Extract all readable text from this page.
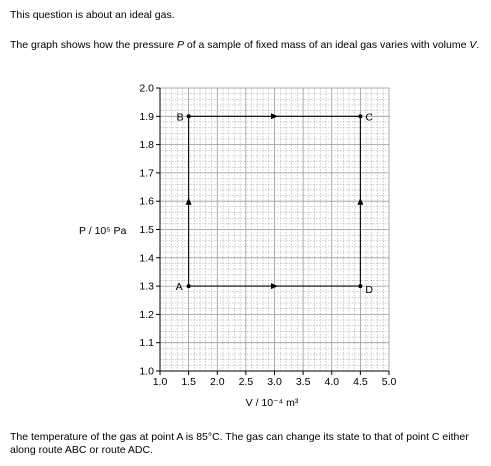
This question is about an ideal gas.

The graph shows how the pressure P of a sample of fixed mass of an ideal gas varies with volume V.

1.0 1.5 2.0 2.5 3.0 3.5 4.0 4.5 5.0
1.0
1.1
1.2
1.3
1.4
1.5
1.6
1.7
1.8
1.9
2.0
A
B	C
D
P / 10⁵ Pa
V / 10⁻⁴ m³

The temperature of the gas at point A is 85°C. The gas can change its state to that of point C either along route ABC or route ADC.
